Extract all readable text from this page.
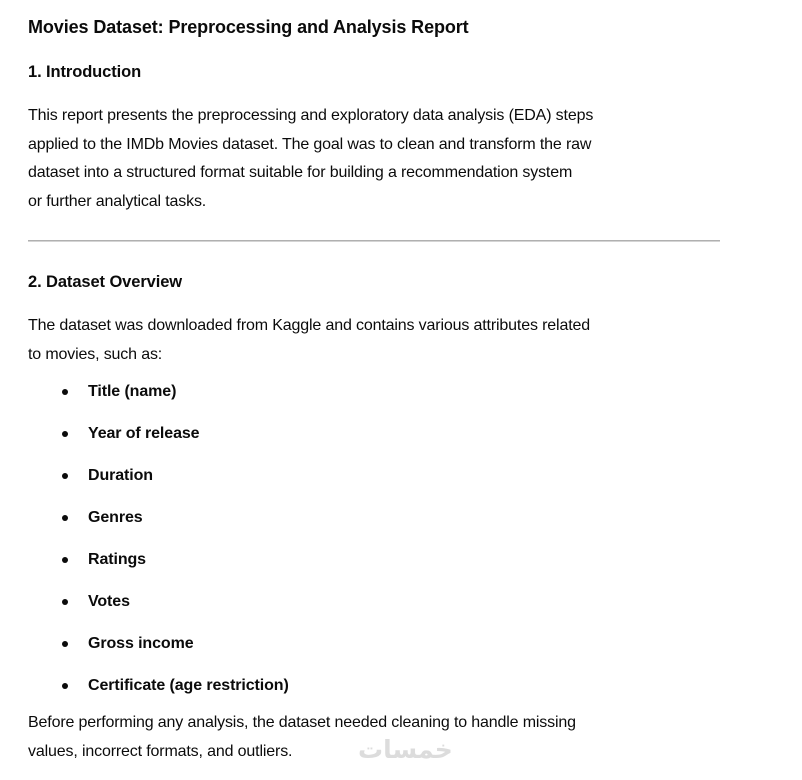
Movies Dataset: Preprocessing and Analysis Report
1. Introduction

This report presents the preprocessing and exploratory data analysis (EDA) steps
applied to the IMDb Movies dataset. The goal was to clean and transform the raw
dataset into a structured format suitable for building a recommendation system
or further analytical tasks.

2. Dataset Overview

The dataset was downloaded from Kaggle and contains various attributes related
to movies, such as:

Title (name)
Year of release
Duration
Genres
Ratings
Votes
Gross income
Certificate (age restriction)

Before performing any analysis, the dataset needed cleaning to handle missing
values, incorrect formats, and outliers.	خمسات
